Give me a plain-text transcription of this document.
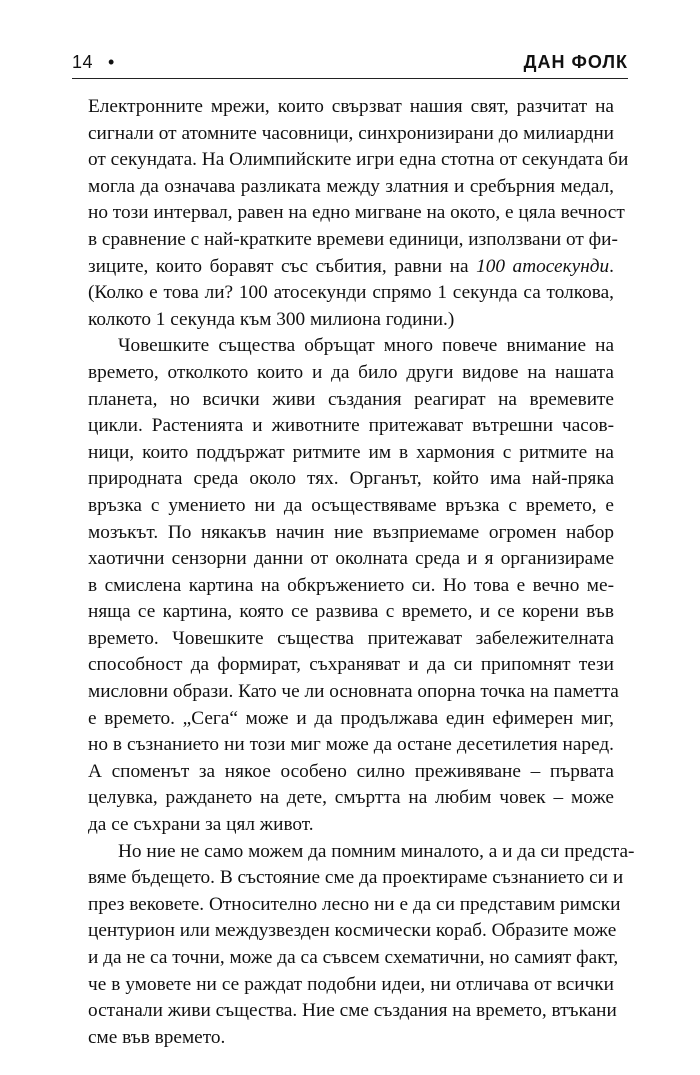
14 •	ДАН ФОЛК
Електронните мрежи, които свързват нашия свят, разчитат на
сигнали от атомните часовници, синхронизирани до милиардни
от секундата. На Олимпийските игри една стотна от секундата би
могла да означава разликата между златния и сребърния медал,
но този интервал, равен на едно мигване на окото, е цяла вечност
в сравнение с най-кратките времеви единици, използвани от фи-
зиците, които боравят със събития, равни на 100 атосекунди.
(Колко е това ли? 100 атосекунди спрямо 1 секунда са толкова,
колкото 1 секунда към 300 милиона години.)
Човешките същества обръщат много повече внимание на
времето, отколкото които и да било други видове на нашата
планета, но всички живи създания реагират на времевите
цикли. Растенията и животните притежават вътрешни часов-
ници, които поддържат ритмите им в хармония с ритмите на
природната среда около тях. Органът, който има най-пряка
връзка с умението ни да осъществяваме връзка с времето, е
мозъкът. По някакъв начин ние възприемаме огромен набор
хаотични сензорни данни от околната среда и я организираме
в смислена картина на обкръжението си. Но това е вечно ме-
няща се картина, която се развива с времето, и се корени във
времето. Човешките същества притежават забележителната
способност да формират, съхраняват и да си припомнят тези
мисловни образи. Като че ли основната опорна точка на паметта
е времето. „Сега“ може и да продължава един ефимерен миг,
но в съзнанието ни този миг може да остане десетилетия наред.
А споменът за някое особено силно преживяване – първата
целувка, раждането на дете, смъртта на любим човек – може
да се съхрани за цял живот.
Но ние не само можем да помним миналото, а и да си предста-
вяме бъдещето. В състояние сме да проектираме съзнанието си и
през вековете. Относително лесно ни е да си представим римски
центурион или междузвезден космически кораб. Образите може
и да не са точни, може да са съвсем схематични, но самият факт,
че в умовете ни се раждат подобни идеи, ни отличава от всички
останали живи същества. Ние сме създания на времето, втъкани
сме във времето.
